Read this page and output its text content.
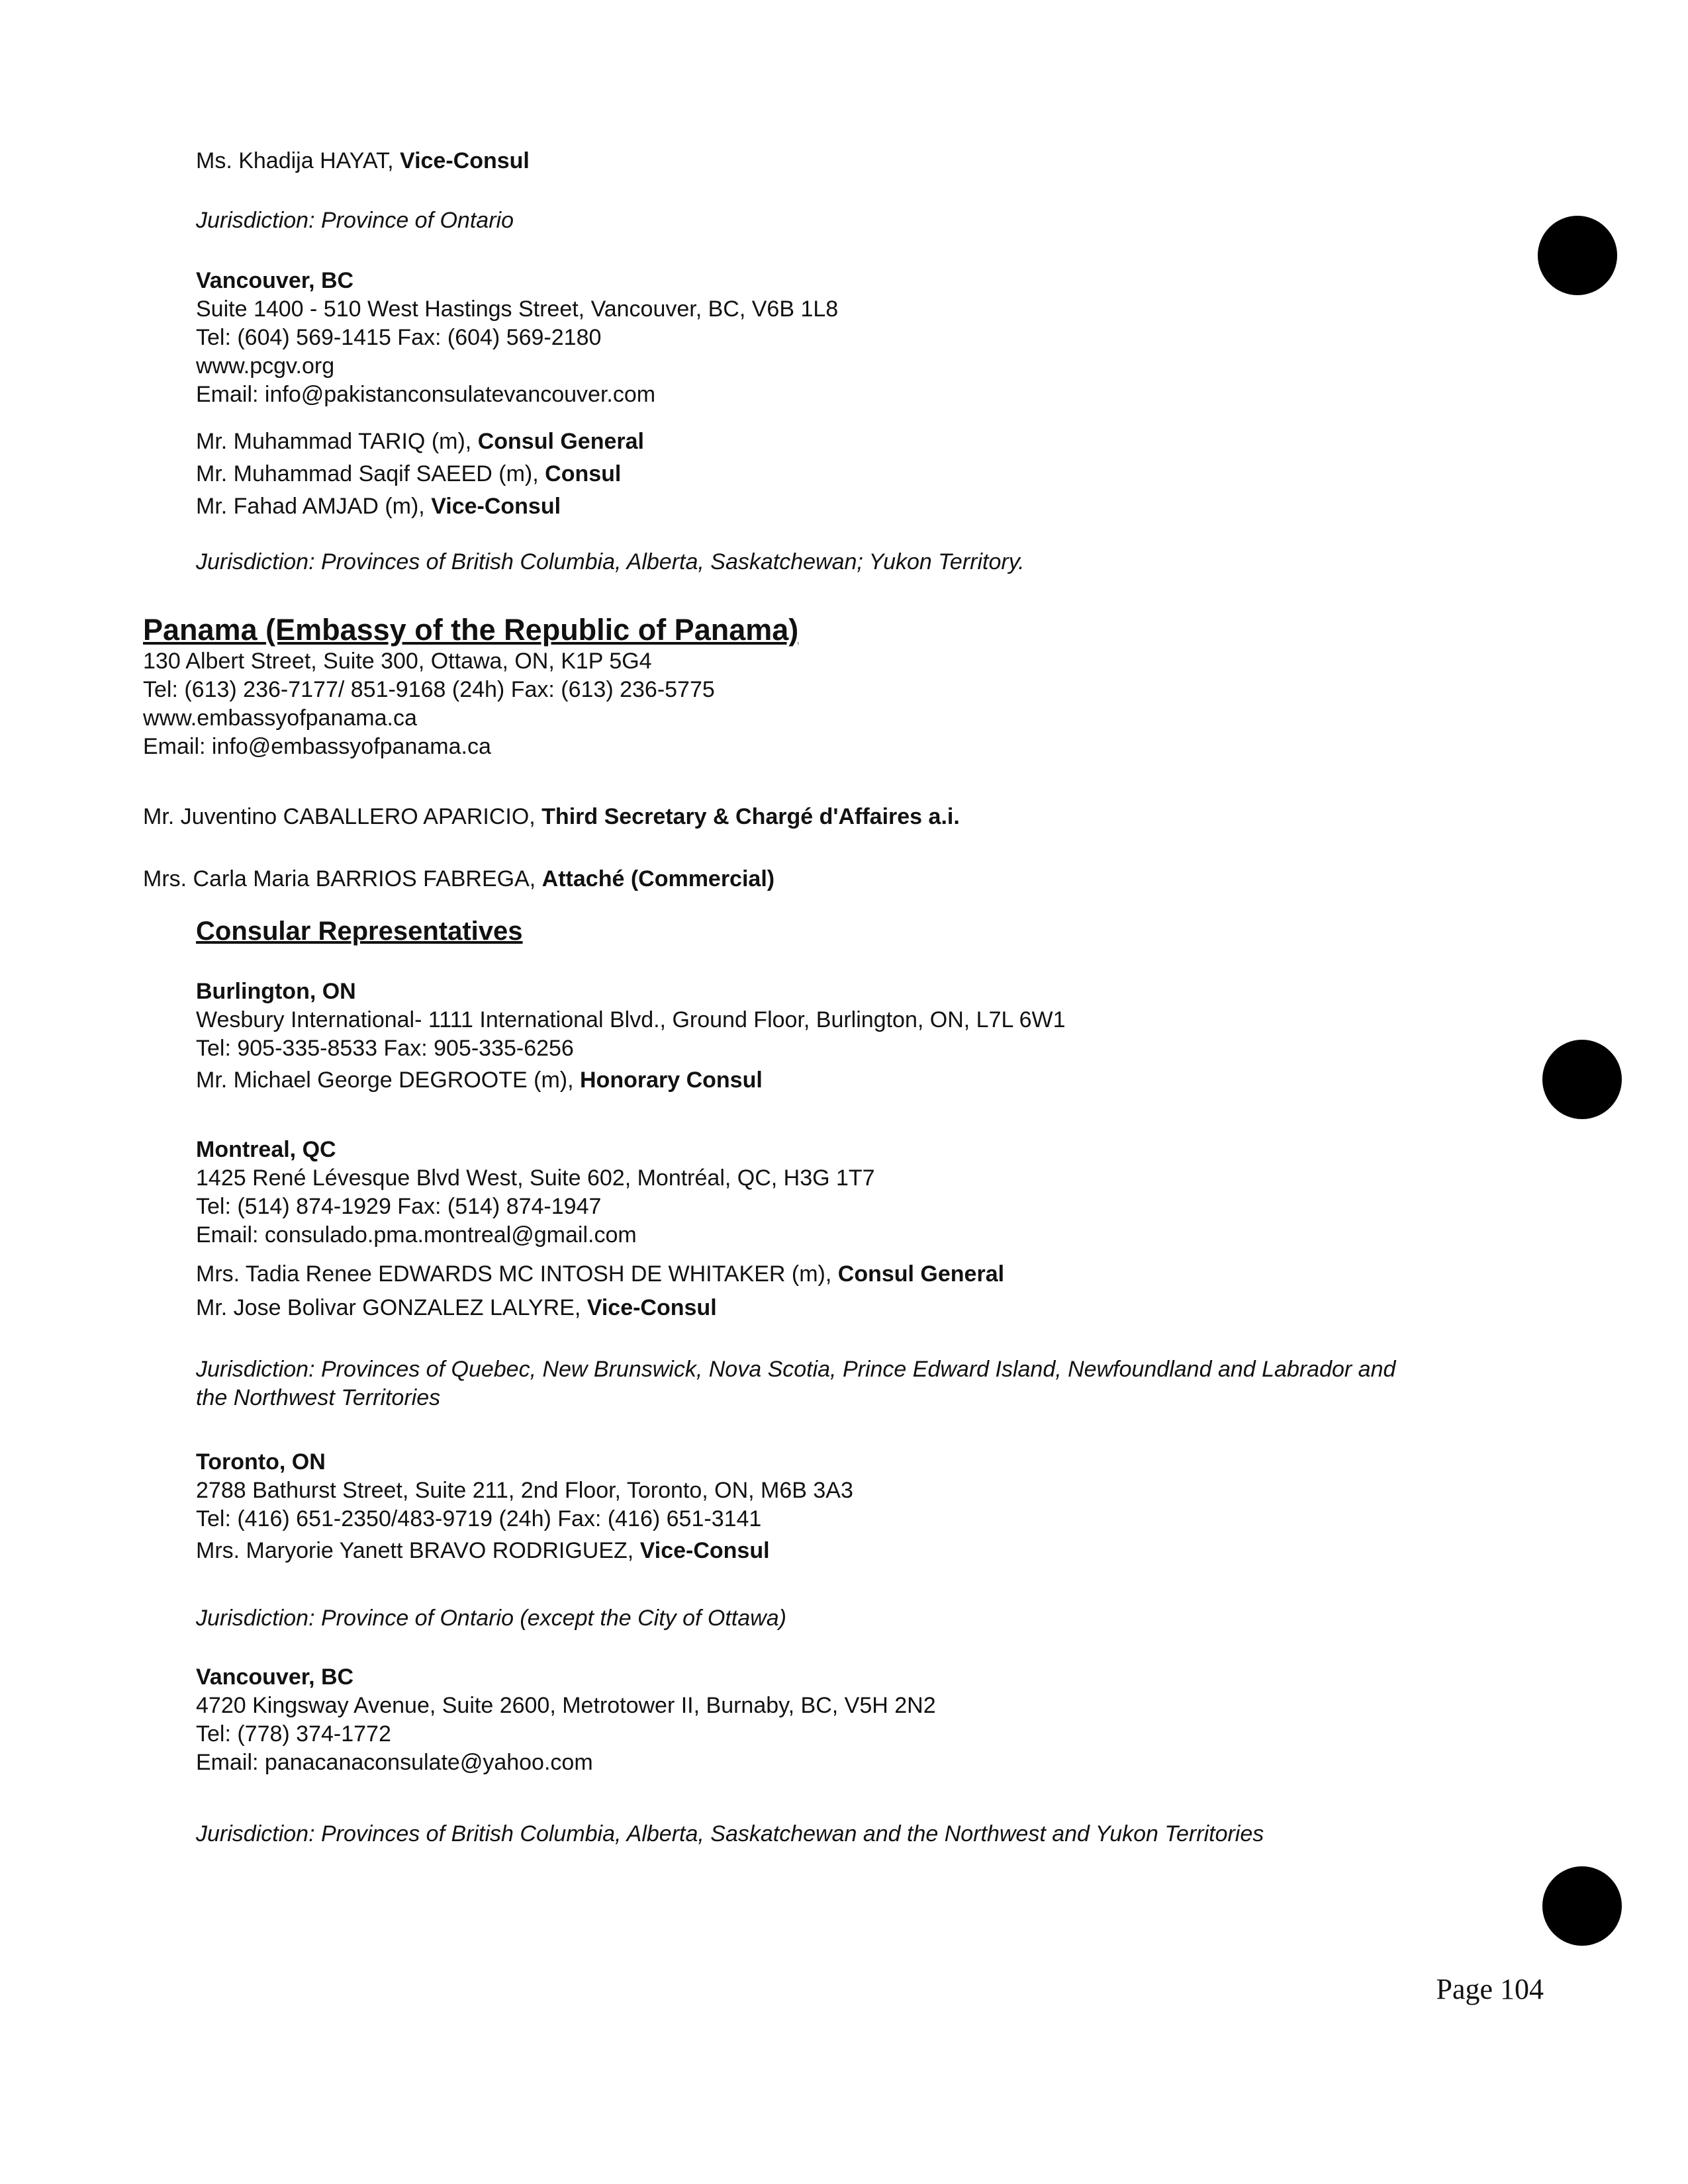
Ms. Khadija HAYAT, Vice-Consul
Jurisdiction: Province of Ontario
Vancouver, BC
Suite 1400 - 510 West Hastings Street, Vancouver, BC, V6B 1L8
Tel: (604) 569-1415 Fax: (604) 569-2180
www.pcgv.org
Email: info@pakistanconsulatevancouver.com
Mr. Muhammad TARIQ (m), Consul General
Mr. Muhammad Saqif SAEED (m), Consul
Mr. Fahad AMJAD (m), Vice-Consul
Jurisdiction: Provinces of British Columbia, Alberta, Saskatchewan; Yukon Territory.
Panama (Embassy of the Republic of Panama)
130 Albert Street, Suite 300, Ottawa, ON, K1P 5G4
Tel: (613) 236-7177/ 851-9168 (24h) Fax: (613) 236-5775
www.embassyofpanama.ca
Email: info@embassyofpanama.ca
Mr. Juventino CABALLERO APARICIO, Third Secretary & Chargé d'Affaires a.i.
Mrs. Carla Maria BARRIOS FABREGA, Attaché (Commercial)
Consular Representatives
Burlington, ON
Wesbury International- 1111 International Blvd., Ground Floor, Burlington, ON, L7L 6W1
Tel: 905-335-8533 Fax: 905-335-6256
Mr. Michael George DEGROOTE (m), Honorary Consul
Montreal, QC
1425 René Lévesque Blvd West, Suite 602, Montréal, QC, H3G 1T7
Tel: (514) 874-1929 Fax: (514) 874-1947
Email: consulado.pma.montreal@gmail.com
Mrs. Tadia Renee EDWARDS MC INTOSH DE WHITAKER (m), Consul General
Mr. Jose Bolivar GONZALEZ LALYRE, Vice-Consul
Jurisdiction: Provinces of Quebec, New Brunswick, Nova Scotia, Prince Edward Island, Newfoundland and Labrador and
the Northwest Territories
Toronto, ON
2788 Bathurst Street, Suite 211, 2nd Floor, Toronto, ON, M6B 3A3
Tel: (416) 651-2350/483-9719 (24h) Fax: (416) 651-3141
Mrs. Maryorie Yanett BRAVO RODRIGUEZ, Vice-Consul
Jurisdiction: Province of Ontario (except the City of Ottawa)
Vancouver, BC
4720 Kingsway Avenue, Suite 2600, Metrotower II, Burnaby, BC, V5H 2N2
Tel: (778) 374-1772
Email: panacanaconsulate@yahoo.com
Jurisdiction: Provinces of British Columbia, Alberta, Saskatchewan and the Northwest and Yukon Territories
Page 104
